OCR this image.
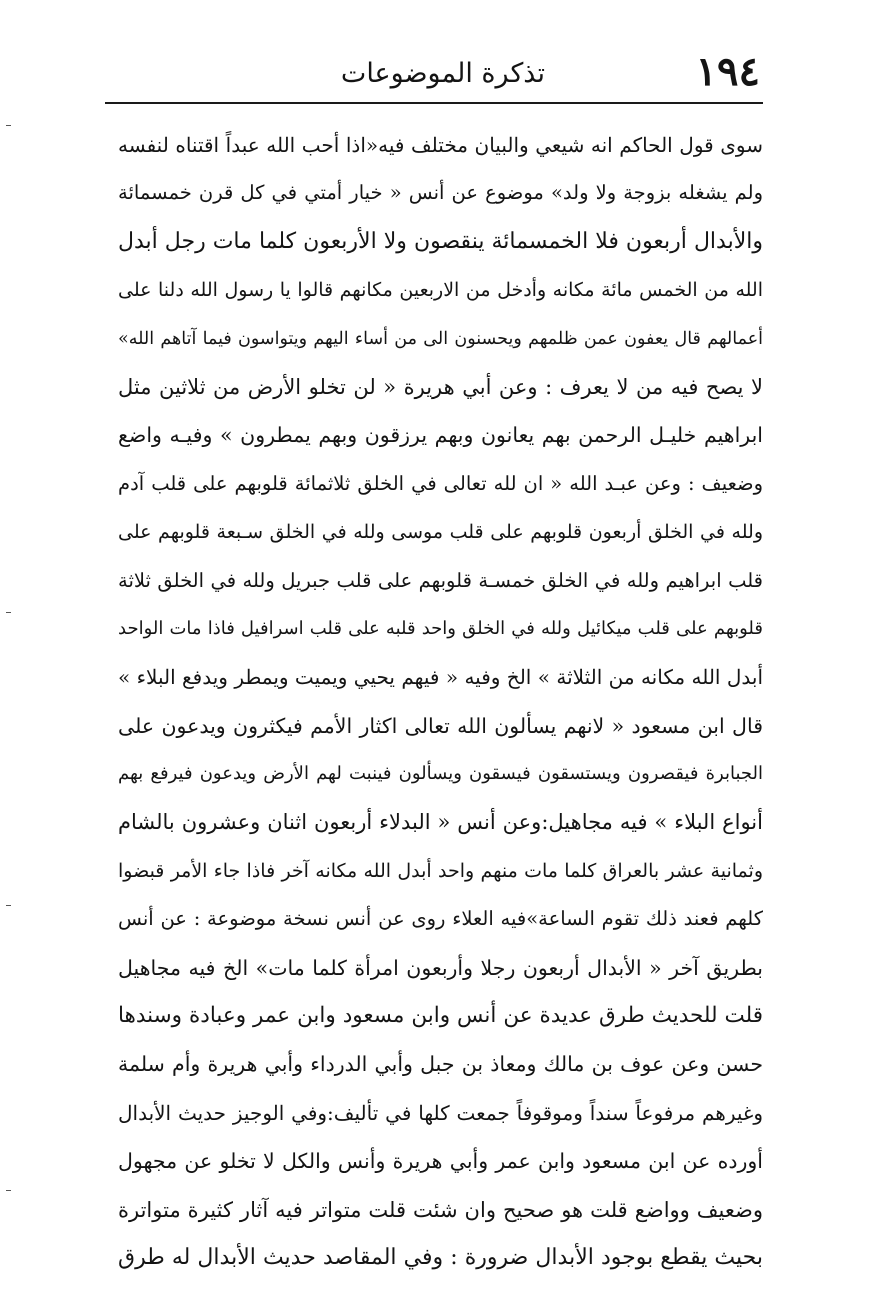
١٩٤
تذكرة الموضوعات
سوى قول الحاكم انه شيعي والبيان مختلف فيه«اذا أحب الله عبداً اقتناه لنفسه
ولم يشغله بزوجة ولا ولد» موضوع عن أنس « خيار أمتي في كل قرن خمسمائة
والأبدال أربعون فلا الخمسمائة ينقصون ولا الأربعون كلما مات رجل أبدل
الله من الخمس مائة مكانه وأدخل من الاربعين مكانهم قالوا يا رسول الله دلنا على
أعمالهم قال يعفون عمن ظلمهم ويحسنون الى من أساء اليهم ويتواسون فيما آتاهم الله»
لا يصح فيه من لا يعرف : وعن أبي هريرة « لن تخلو الأرض من ثلاثين مثل
ابراهيم خليـل الرحمن بهم يعانون وبهم يرزقون وبهم يمطرون » وفيـه واضع
وضعيف : وعن عبـد الله « ان لله تعالى في الخلق ثلاثمائة قلوبهم على قلب آدم
ولله في الخلق أربعون قلوبهم على قلب موسى ولله في الخلق سـبعة قلوبهم على
قلب ابراهيم ولله في الخلق خمسـة قلوبهم على قلب جبريل ولله في الخلق ثلاثة
قلوبهم على قلب ميكائيل ولله في الخلق واحد قلبه على قلب اسرافيل فاذا مات الواحد
أبدل الله مكانه من الثلاثة » الخ وفيه « فيهم يحيي ويميت ويمطر ويدفع البلاء »
قال ابن مسعود « لانهم يسألون الله تعالى اكثار الأمم فيكثرون ويدعون على
الجبابرة فيقصرون ويستسقون فيسقون ويسألون فينبت لهم الأرض ويدعون فيرفع بهم
أنواع البلاء » فيه مجاهيل:وعن أنس « البدلاء أربعون اثنان وعشرون بالشام
وثمانية عشر بالعراق كلما مات منهم واحد أبدل الله مكانه آخر فاذا جاء الأمر قبضوا
كلهم فعند ذلك تقوم الساعة»فيه العلاء روى عن أنس نسخة موضوعة : عن أنس
بطريق آخر « الأبدال أربعون رجلا وأربعون امرأة كلما مات» الخ فيه مجاهيل
قلت للحديث طرق عديدة عن أنس وابن مسعود وابن عمر وعبادة وسندها
حسن وعن عوف بن مالك ومعاذ بن جبل وأبي الدرداء وأبي هريرة وأم سلمة
وغيرهم مرفوعاً سنداً وموقوفاً جمعت كلها في تأليف:وفي الوجيز حديث الأبدال
أورده عن ابن مسعود وابن عمر وأبي هريرة وأنس والكل لا تخلو عن مجهول
وضعيف وواضع قلت هو صحيح وان شئت قلت متواتر فيه آثار كثيرة متواترة
بحيث يقطع بوجود الأبدال ضرورة : وفي المقاصد حديث الأبدال له طرق
